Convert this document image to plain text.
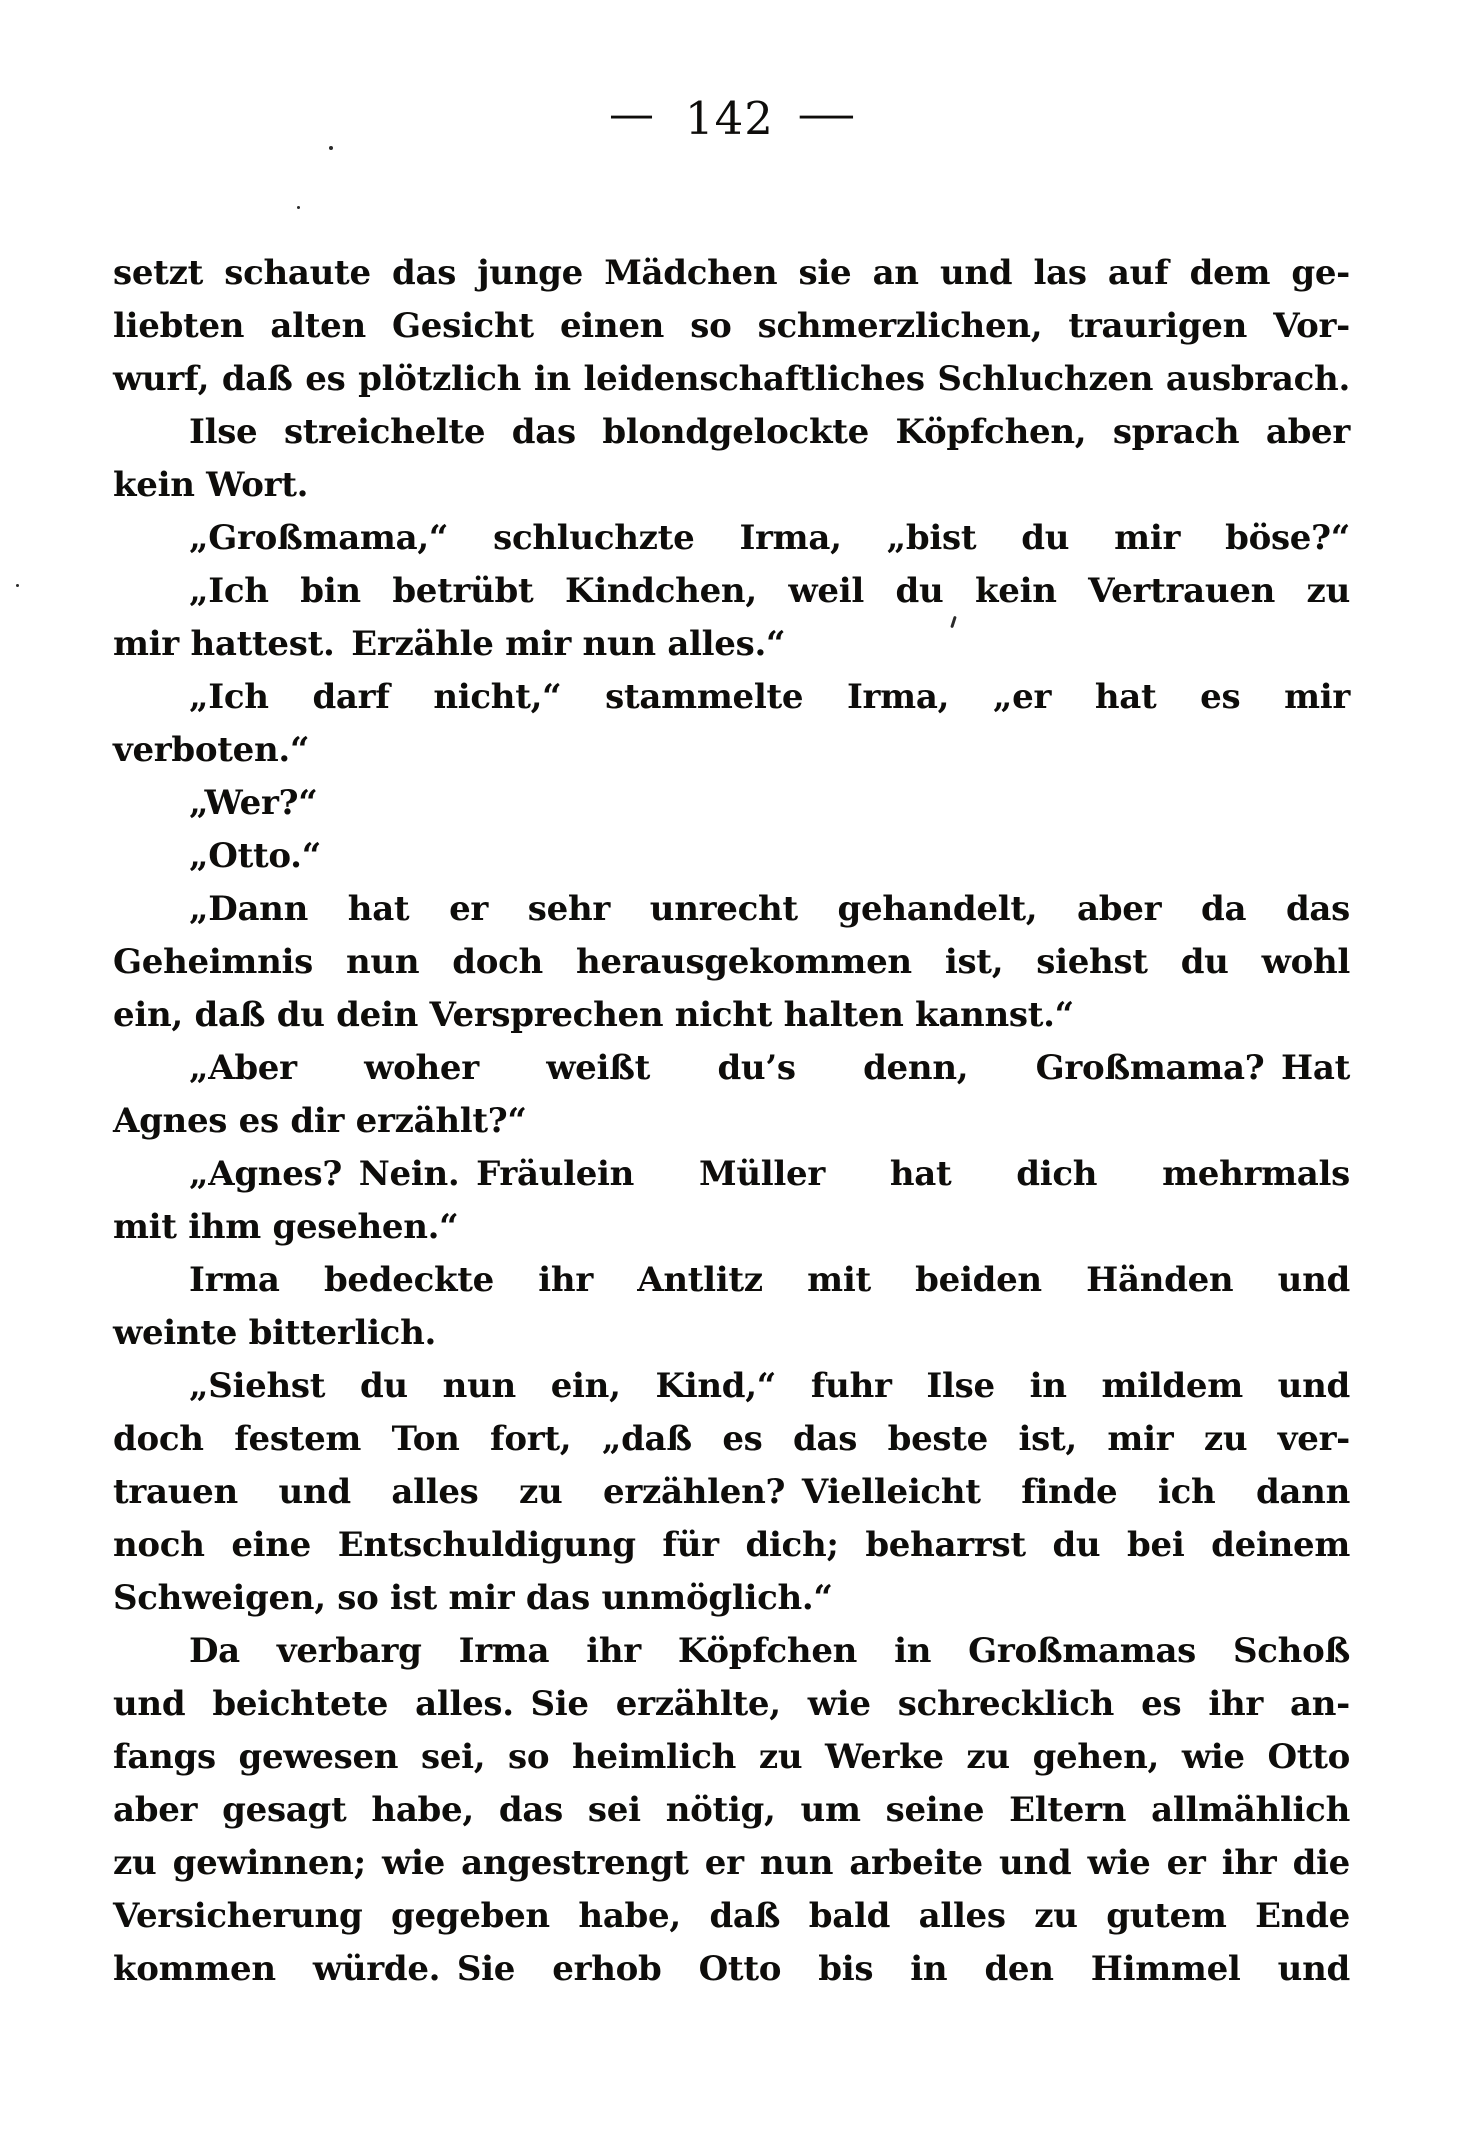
— 142 —
setzt schaute das junge Mädchen sie an und las auf dem ge-
liebten alten Gesicht einen so schmerzlichen, traurigen Vor-
wurf, daß es plötzlich in leidenschaftliches Schluchzen ausbrach.
Ilse streichelte das blondgelockte Köpfchen, sprach aber
kein Wort.
„Großmama,“ schluchzte Irma, „bist du mir böse?“
„Ich bin betrübt Kindchen, weil du kein Vertrauen zu
mir hattest. Erzähle mir nun alles.“
„Ich darf nicht,“ stammelte Irma, „er hat es mir
verboten.“
„Wer?“
„Otto.“
„Dann hat er sehr unrecht gehandelt, aber da das
Geheimnis nun doch herausgekommen ist, siehst du wohl
ein, daß du dein Versprechen nicht halten kannst.“
„Aber woher weißt du’s denn, Großmama? Hat
Agnes es dir erzählt?“
„Agnes? Nein. Fräulein Müller hat dich mehrmals
mit ihm gesehen.“
Irma bedeckte ihr Antlitz mit beiden Händen und
weinte bitterlich.
„Siehst du nun ein, Kind,“ fuhr Ilse in mildem und
doch festem Ton fort, „daß es das beste ist, mir zu ver-
trauen und alles zu erzählen? Vielleicht finde ich dann
noch eine Entschuldigung für dich; beharrst du bei deinem
Schweigen, so ist mir das unmöglich.“
Da verbarg Irma ihr Köpfchen in Großmamas Schoß
und beichtete alles. Sie erzählte, wie schrecklich es ihr an-
fangs gewesen sei, so heimlich zu Werke zu gehen, wie Otto
aber gesagt habe, das sei nötig, um seine Eltern allmählich
zu gewinnen; wie angestrengt er nun arbeite und wie er ihr die
Versicherung gegeben habe, daß bald alles zu gutem Ende
kommen würde. Sie erhob Otto bis in den Himmel und
